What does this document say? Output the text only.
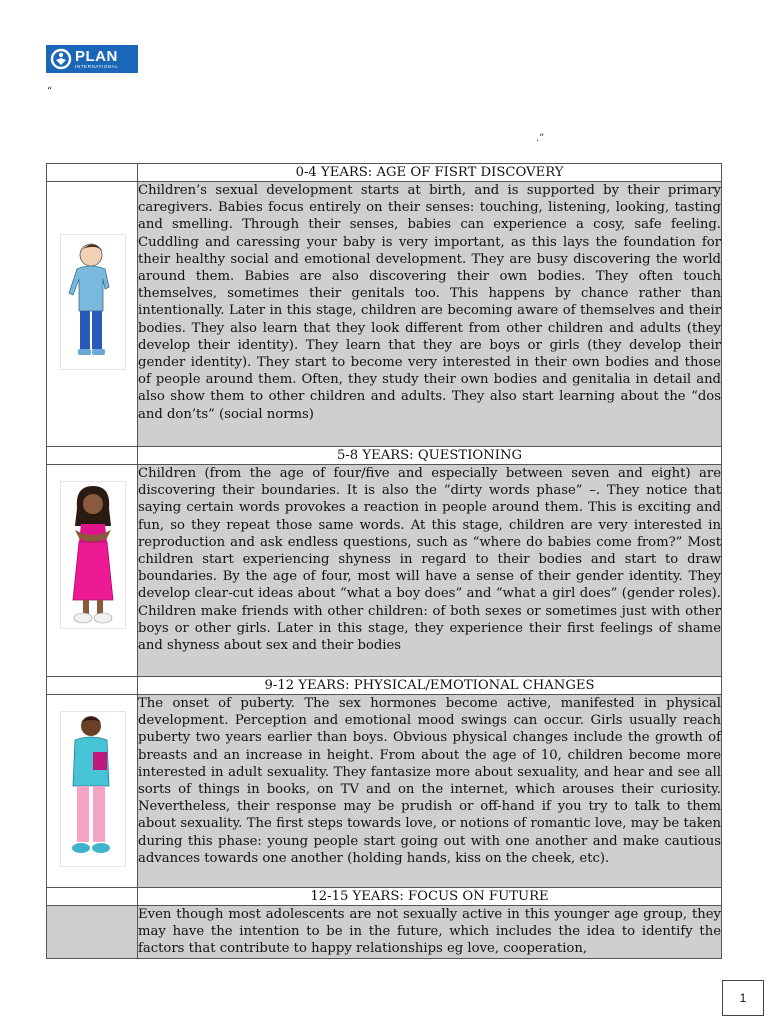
PLAN
INTERNATIONAL
“
.”
	0-4 YEARS: AGE OF FISRT DISCOVERY

	Children’s sexual development starts at birth, and is supported by their primary caregivers. Babies focus entirely on their senses: touching, listening, looking, tasting and smelling. Through their senses, babies can experience a cosy, safe feeling. Cuddling and caressing your baby is very important, as this lays the foundation for their healthy social and emotional development. They are busy discovering the world around them. Babies are also discovering their own bodies. They often touch themselves, sometimes their genitals too. This happens by chance rather than intentionally. Later in this stage, children are becoming aware of themselves and their bodies. They also learn that they look different from other children and adults (they develop their identity). They learn that they are boys or girls (they develop their gender identity). They start to become very interested in their own bodies and those of people around them. Often, they study their own bodies and genitalia in detail and also show them to other children and adults. They also start learning about the “dos and don’ts” (social norms)
	5-8 YEARS: QUESTIONING

	Children (from the age of four/five and especially between seven and eight) are discovering their boundaries. It is also the “dirty words phase” –. They notice that saying certain words provokes a reaction in people around them. This is exciting and fun, so they repeat those same words. At this stage, children are very interested in reproduction and ask endless questions, such as “where do babies come from?” Most children start experiencing shyness in regard to their bodies and start to draw boundaries. By the age of four, most will have a sense of their gender identity. They develop clear-cut ideas about “what a boy does” and “what a girl does” (gender roles). Children make friends with other children: of both sexes or sometimes just with other boys or other girls. Later in this stage, they experience their first feelings of shame and shyness about sex and their bodies
	9-12 YEARS: PHYSICAL/EMOTIONAL CHANGES

	The onset of puberty. The sex hormones become active, manifested in physical development. Perception and emotional mood swings can occur. Girls usually reach puberty two years earlier than boys. Obvious physical changes include the growth of breasts and an increase in height. From about the age of 10, children become more interested in adult sexuality. They fantasize more about sexuality, and hear and see all sorts of things in books, on TV and on the internet, which arouses their curiosity. Nevertheless, their response may be prudish or off-hand if you try to talk to them about sexuality. The first steps towards love, or notions of romantic love, may be taken during this phase: young people start going out with one another and make cautious advances towards one another (holding hands, kiss on the cheek, etc).
	12-15 YEARS: FOCUS ON FUTURE
	Even though most adolescents are not sexually active in this younger age group, they may have the intention to be in the future, which includes the idea to identify the factors that contribute to happy relationships eg love, cooperation,
1
